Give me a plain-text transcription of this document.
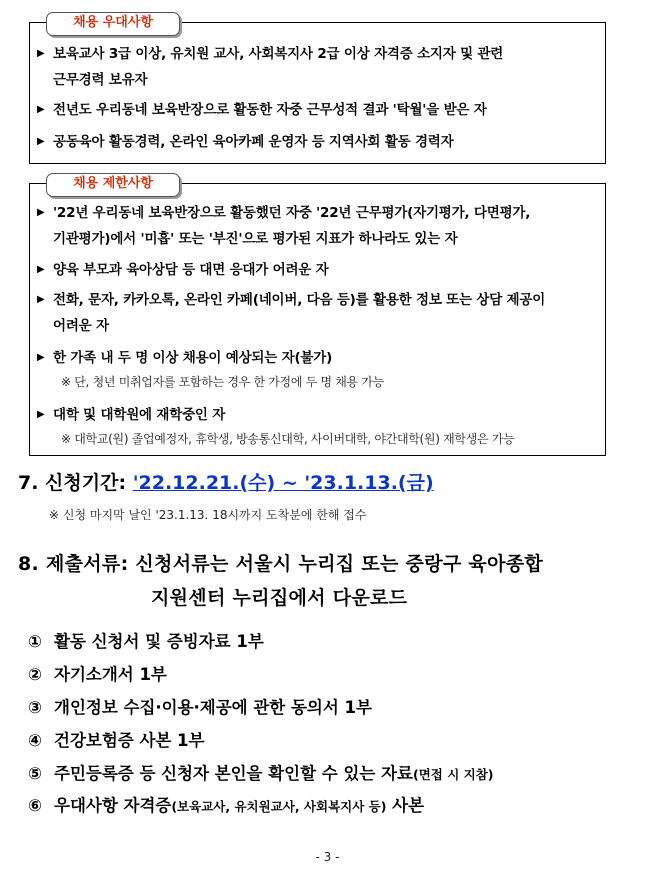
채용 우대사항
▶ 보육교사 3급 이상, 유치원 교사, 사회복지사 2급 이상 자격증 소지자 및 관련
근무경력 보유자
▶ 전년도 우리동네 보육반장으로 활동한 자중 근무성적 결과 '탁월'을 받은 자
▶ 공동육아 활동경력, 온라인 육아카페 운영자 등 지역사회 활동 경력자
채용 제한사항
▶ '22년 우리동네 보육반장으로 활동했던 자중 '22년 근무평가(자기평가, 다면평가,
기관평가)에서 '미흡' 또는 '부진'으로 평가된 지표가 하나라도 있는 자
▶ 양육 부모과 육아상담 등 대면 응대가 어려운 자
▶ 전화, 문자, 카카오톡, 온라인 카페(네이버, 다음 등)를 활용한 정보 또는 상담 제공이
어려운 자
▶ 한 가족 내 두 명 이상 채용이 예상되는 자(불가)
※ 단, 청년 미취업자를 포함하는 경우 한 가정에 두 명 채용 가능
▶ 대학 및 대학원에 재학중인 자
※ 대학교(원) 졸업예정자, 휴학생, 방송통신대학, 사이버대학, 야간대학(원) 재학생은 가능
7. 신청기간: '22.12.21.(수) ~ '23.1.13.(금)
※ 신청 마지막 날인 '23.1.13. 18시까지 도착분에 한해 접수
8. 제출서류: 신청서류는 서울시 누리집 또는 중랑구 육아종합
지원센터 누리집에서 다운로드
① 활동 신청서 및 증빙자료 1부
② 자기소개서 1부
③ 개인정보 수집·이용·제공에 관한 동의서 1부
④ 건강보험증 사본 1부
⑤ 주민등록증 등 신청자 본인을 확인할 수 있는 자료(면접 시 지참)
⑥ 우대사항 자격증(보육교사, 유치원교사, 사회복지사 등) 사본
- 3 -
